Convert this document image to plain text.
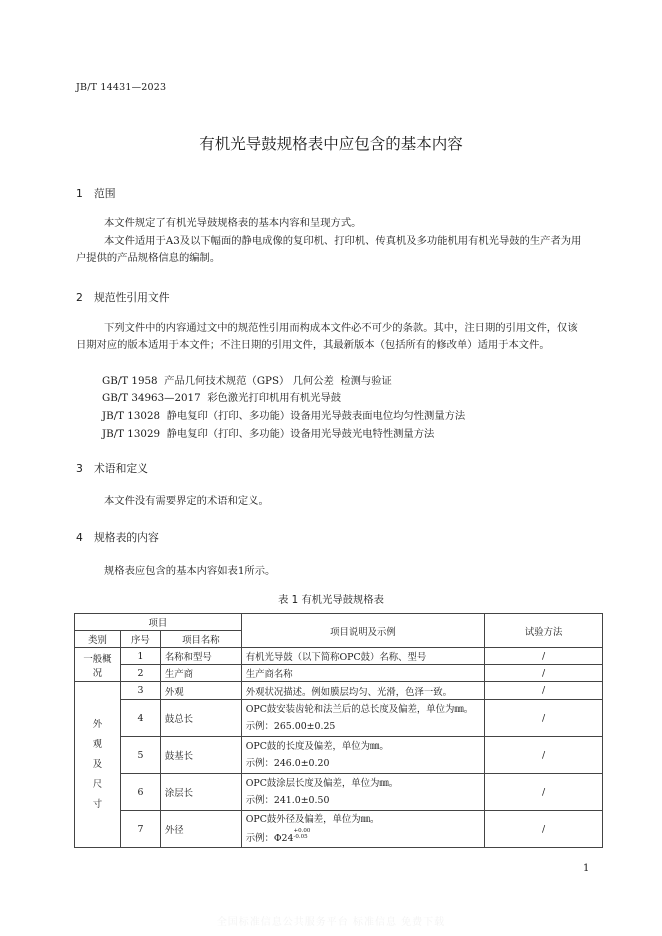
JB/T 14431—2023
有机光导鼓规格表中应包含的基本内容
1 范围
本文件规定了有机光导鼓规格表的基本内容和呈现方式。
本文件适用于A3及以下幅面的静电成像的复印机、打印机、传真机及多功能机用有机光导鼓的生产者为用户提供的产品规格信息的编制。
2 规范性引用文件
下列文件中的内容通过文中的规范性引用而构成本文件必不可少的条款。其中，注日期的引用文件，仅该日期对应的版本适用于本文件；不注日期的引用文件，其最新版本（包括所有的修改单）适用于本文件。
GB/T 1958  产品几何技术规范（GPS） 几何公差  检测与验证
GB/T 34963—2017  彩色激光打印机用有机光导鼓
JB/T 13028  静电复印（打印、多功能）设备用光导鼓表面电位均匀性测量方法
JB/T 13029  静电复印（打印、多功能）设备用光导鼓光电特性测量方法
3 术语和定义
本文件没有需要界定的术语和定义。
4 规格表的内容
规格表应包含的基本内容如表1所示。
表 1 有机光导鼓规格表
项目			项目说明及示例	试验方法
类别	序号	项目名称		
一般概况	1	名称和型号	有机光导鼓（以下简称OPC鼓）名称、型号	/
	2	生产商	生产商名称	/
外观及尺寸	3	外观	外观状况描述。例如膜层均匀、光滑，色泽一致。	/
	4	鼓总长	OPC鼓安装齿轮和法兰后的总长度及偏差，单位为㎜。
示例：265.00±0.25	/
	5	鼓基长	OPC鼓的长度及偏差，单位为㎜。
示例：246.0±0.20	/
	6	涂层长	OPC鼓涂层长度及偏差，单位为㎜。
示例：241.0±0.50	/
	7	外径	OPC鼓外径及偏差，单位为㎜。
示例：Φ24
$^{+0.00 -0.05}$	/
1
全国标准信息公共服务平台 标准信息 免费下载
